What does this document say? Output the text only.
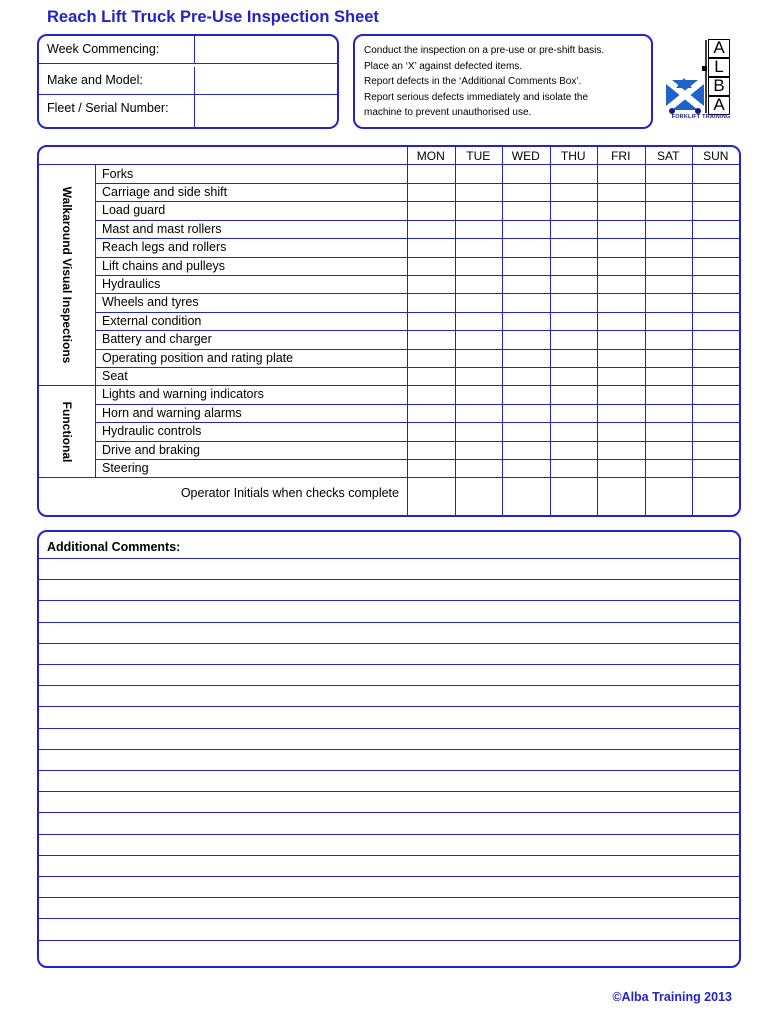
Reach Lift Truck Pre-Use Inspection Sheet
Week Commencing:
Make and Model:
Fleet / Serial Number:
Conduct the inspection on a pre-use or pre-shift basis.
Place an ‘X’ against defected items.
Report defects in the ‘Additional Comments Box’.
Report serious defects immediately and isolate the
machine to prevent unauthorised use.
A
L
B
A
FORKLIFT TRAINING
MON	TUE	WED	THU	FRI	SAT	SUN
Forks
Carriage and side shift
Load guard
Mast and mast rollers
Reach legs and rollers
Lift chains and pulleys
Hydraulics
Wheels and tyres
External condition
Battery and charger
Operating position and rating plate
Seat
Walkaround Visual Inspections
Lights and warning indicators
Horn and warning alarms
Hydraulic controls
Drive and braking
Steering
Functional
Operator Initials when checks complete
Additional Comments:
©Alba Training 2013
